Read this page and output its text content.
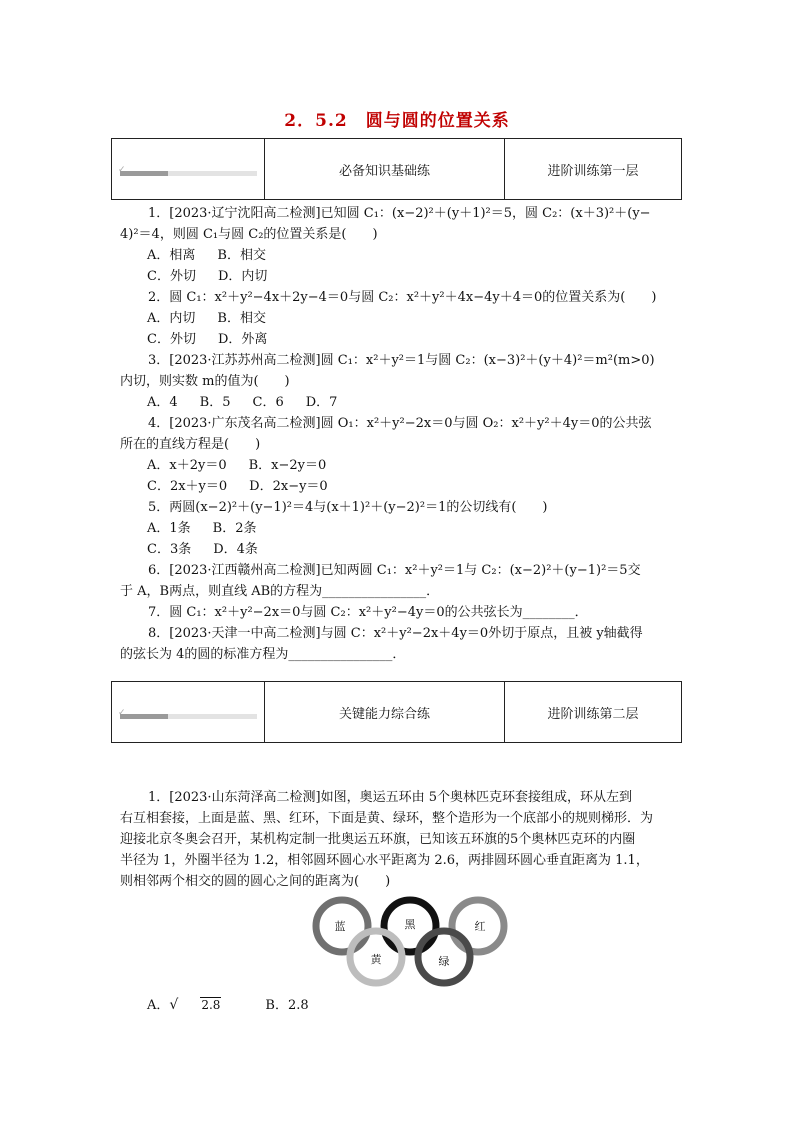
2．5.2　圆与圆的位置关系
✓	必备知识基础练	进阶训练第一层
1．[2023·辽宁沈阳高二检测]已知圆 C₁：(x−2)²＋(y＋1)²＝5，圆 C₂：(x＋3)²＋(y−
4)²＝4，则圆 C₁与圆 C₂的位置关系是(　　)
A．相离 B．相交
C．外切 D．内切
2．圆 C₁：x²＋y²−4x＋2y−4＝0与圆 C₂：x²＋y²＋4x−4y＋4＝0的位置关系为(　　)
A．内切 B．相交
C．外切 D．外离
3．[2023·江苏苏州高二检测]圆 C₁：x²＋y²＝1与圆 C₂：(x−3)²＋(y＋4)²＝m²(m>0)
内切，则实数 m的值为(　　)
A．4 B．5 C．6 D．7
4．[2023·广东茂名高二检测]圆 O₁：x²＋y²−2x＝0与圆 O₂：x²＋y²＋4y＝0的公共弦
所在的直线方程是(　　)
A．x＋2y＝0 B．x−2y＝0
C．2x＋y＝0 D．2x−y＝0
5．两圆(x−2)²＋(y−1)²＝4与(x＋1)²＋(y−2)²＝1的公切线有(　　)
A．1条 B．2条
C．3条 D．4条
6．[2023·江西赣州高二检测]已知两圆 C₁：x²＋y²＝1与 C₂：(x−2)²＋(y−1)²＝5交
于 A，B两点，则直线 AB的方程为________________．
7．圆 C₁：x²＋y²−2x＝0与圆 C₂：x²＋y²−4y＝0的公共弦长为________．
8．[2023·天津一中高二检测]与圆 C：x²＋y²−2x＋4y＝0外切于原点，且被 y轴截得
的弦长为 4的圆的标准方程为________________．
✓	关键能力综合练	进阶训练第二层
1．[2023·山东菏泽高二检测]如图，奥运五环由 5个奥林匹克环套接组成，环从左到
右互相套接，上面是蓝、黑、红环，下面是黄、绿环，整个造形为一个底部小的规则梯形．为
迎接北京冬奥会召开，某机构定制一批奥运五环旗，已知该五环旗的5个奥林匹克环的内圈
半径为 1，外圈半径为 1.2，相邻圆环圆心水平距离为 2.6，两排圆环圆心垂直距离为 1.1，
则相邻两个相交的圆的圆心之间的距离为(　　)
蓝	黑	红
黄	绿
A．√ 2.8	B．2.8
